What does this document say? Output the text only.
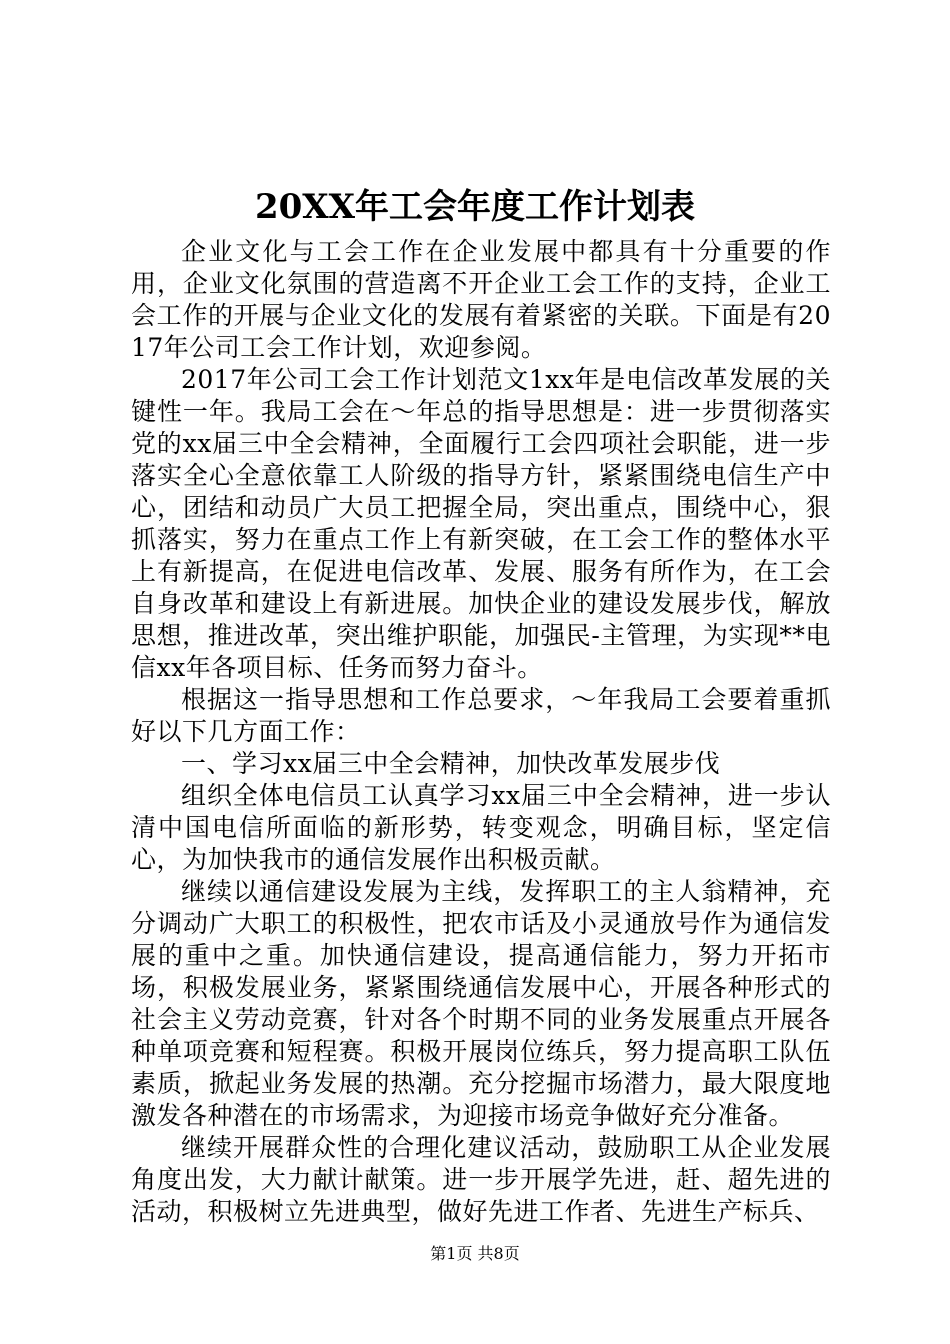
20XX年工会年度工作计划表

企业文化与工会工作在企业发展中都具有十分重要的作用，企业文化氛围的营造离不开企业工会工作的支持，企业工会工作的开展与企业文化的发展有着紧密的关联。下面是有2017年公司工会工作计划，欢迎参阅。

2017年公司工会工作计划范文1xx年是电信改革发展的关键性一年。我局工会在～年总的指导思想是：进一步贯彻落实党的xx届三中全会精神，全面履行工会四项社会职能，进一步落实全心全意依靠工人阶级的指导方针，紧紧围绕电信生产中心，团结和动员广大员工把握全局，突出重点，围绕中心，狠抓落实，努力在重点工作上有新突破，在工会工作的整体水平上有新提高，在促进电信改革、发展、服务有所作为，在工会自身改革和建设上有新进展。加快企业的建设发展步伐，解放思想，推进改革，突出维护职能，加强民-主管理，为实现**电信xx年各项目标、任务而努力奋斗。

根据这一指导思想和工作总要求，～年我局工会要着重抓好以下几方面工作：

一、学习xx届三中全会精神，加快改革发展步伐

组织全体电信员工认真学习xx届三中全会精神，进一步认清中国电信所面临的新形势，转变观念，明确目标，坚定信心，为加快我市的通信发展作出积极贡献。

继续以通信建设发展为主线，发挥职工的主人翁精神，充分调动广大职工的积极性，把农市话及小灵通放号作为通信发展的重中之重。加快通信建设，提高通信能力，努力开拓市场，积极发展业务，紧紧围绕通信发展中心，开展各种形式的社会主义劳动竞赛，针对各个时期不同的业务发展重点开展各种单项竞赛和短程赛。积极开展岗位练兵，努力提高职工队伍素质，掀起业务发展的热潮。充分挖掘市场潜力，最大限度地激发各种潜在的市场需求，为迎接市场竞争做好充分准备。

继续开展群众性的合理化建议活动，鼓励职工从企业发展角度出发，大力献计献策。进一步开展学先进，赶、超先进的活动，积极树立先进典型，做好先进工作者、先进生产标兵、

第1页 共8页
